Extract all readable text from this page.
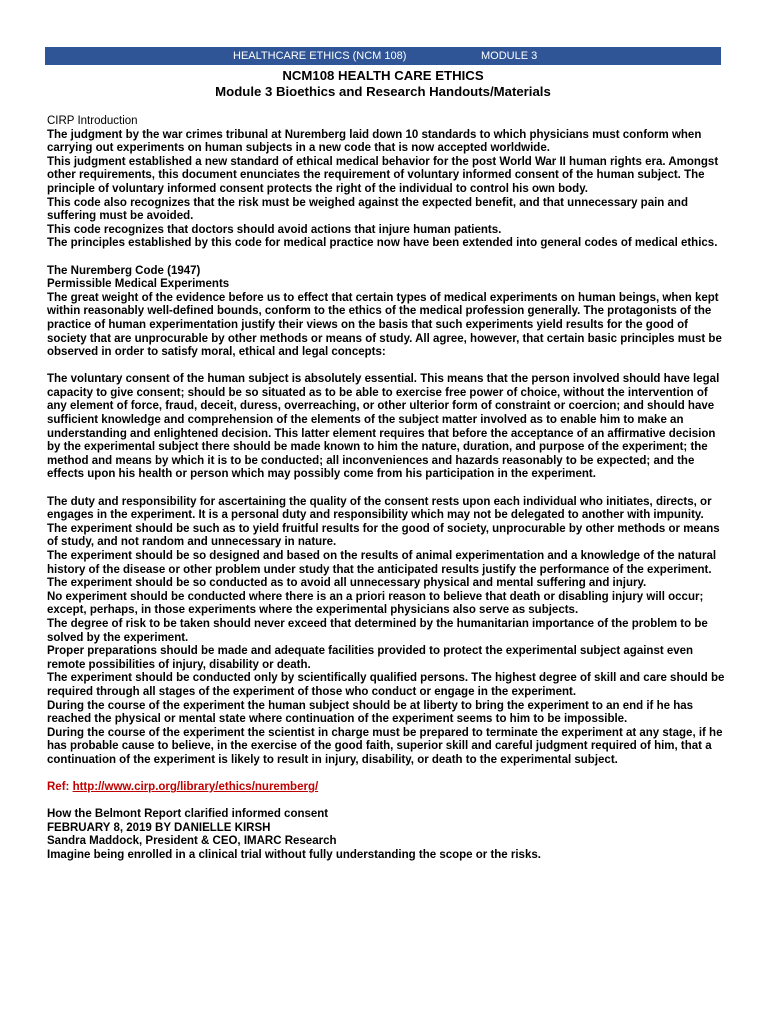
HEALTHCARE ETHICS (NCM 108)	MODULE 3
NCM108 HEALTH CARE ETHICS
Module 3 Bioethics and Research Handouts/Materials

CIRP Introduction

The judgment by the war crimes tribunal at Nuremberg laid down 10 standards to which physicians must conform when carrying out experiments on human subjects in a new code that is now accepted worldwide.

This judgment established a new standard of ethical medical behavior for the post World War II human rights era. Amongst other requirements, this document enunciates the requirement of voluntary informed consent of the human subject. The principle of voluntary informed consent protects the right of the individual to control his own body.

This code also recognizes that the risk must be weighed against the expected benefit, and that unnecessary pain and suffering must be avoided.

This code recognizes that doctors should avoid actions that injure human patients.

The principles established by this code for medical practice now have been extended into general codes of medical ethics.

The Nuremberg Code (1947)

Permissible Medical Experiments

The great weight of the evidence before us to effect that certain types of medical experiments on human beings, when kept within reasonably well-defined bounds, conform to the ethics of the medical profession generally. The protagonists of the practice of human experimentation justify their views on the basis that such experiments yield results for the good of society that are unprocurable by other methods or means of study. All agree, however, that certain basic principles must be observed in order to satisfy moral, ethical and legal concepts:

The voluntary consent of the human subject is absolutely essential. This means that the person involved should have legal capacity to give consent; should be so situated as to be able to exercise free power of choice, without the intervention of any element of force, fraud, deceit, duress, overreaching, or other ulterior form of constraint or coercion; and should have sufficient knowledge and comprehension of the elements of the subject matter involved as to enable him to make an understanding and enlightened decision. This latter element requires that before the acceptance of an affirmative decision by the experimental subject there should be made known to him the nature, duration, and purpose of the experiment; the method and means by which it is to be conducted; all inconveniences and hazards reasonably to be expected; and the effects upon his health or person which may possibly come from his participation in the experiment.

The duty and responsibility for ascertaining the quality of the consent rests upon each individual who initiates, directs, or engages in the experiment. It is a personal duty and responsibility which may not be delegated to another with impunity.

The experiment should be such as to yield fruitful results for the good of society, unprocurable by other methods or means of study, and not random and unnecessary in nature.

The experiment should be so designed and based on the results of animal experimentation and a knowledge of the natural history of the disease or other problem under study that the anticipated results justify the performance of the experiment.

The experiment should be so conducted as to avoid all unnecessary physical and mental suffering and injury.

No experiment should be conducted where there is an a priori reason to believe that death or disabling injury will occur; except, perhaps, in those experiments where the experimental physicians also serve as subjects.

The degree of risk to be taken should never exceed that determined by the humanitarian importance of the problem to be solved by the experiment.

Proper preparations should be made and adequate facilities provided to protect the experimental subject against even remote possibilities of injury, disability or death.

The experiment should be conducted only by scientifically qualified persons. The highest degree of skill and care should be required through all stages of the experiment of those who conduct or engage in the experiment.

During the course of the experiment the human subject should be at liberty to bring the experiment to an end if he has reached the physical or mental state where continuation of the experiment seems to him to be impossible.

During the course of the experiment the scientist in charge must be prepared to terminate the experiment at any stage, if he has probable cause to believe, in the exercise of the good faith, superior skill and careful judgment required of him, that a continuation of the experiment is likely to result in injury, disability, or death to the experimental subject.

Ref: http://www.cirp.org/library/ethics/nuremberg/

How the Belmont Report clarified informed consent

FEBRUARY 8, 2019 BY DANIELLE KIRSH

Sandra Maddock, President & CEO, IMARC Research

Imagine being enrolled in a clinical trial without fully understanding the scope or the risks.
